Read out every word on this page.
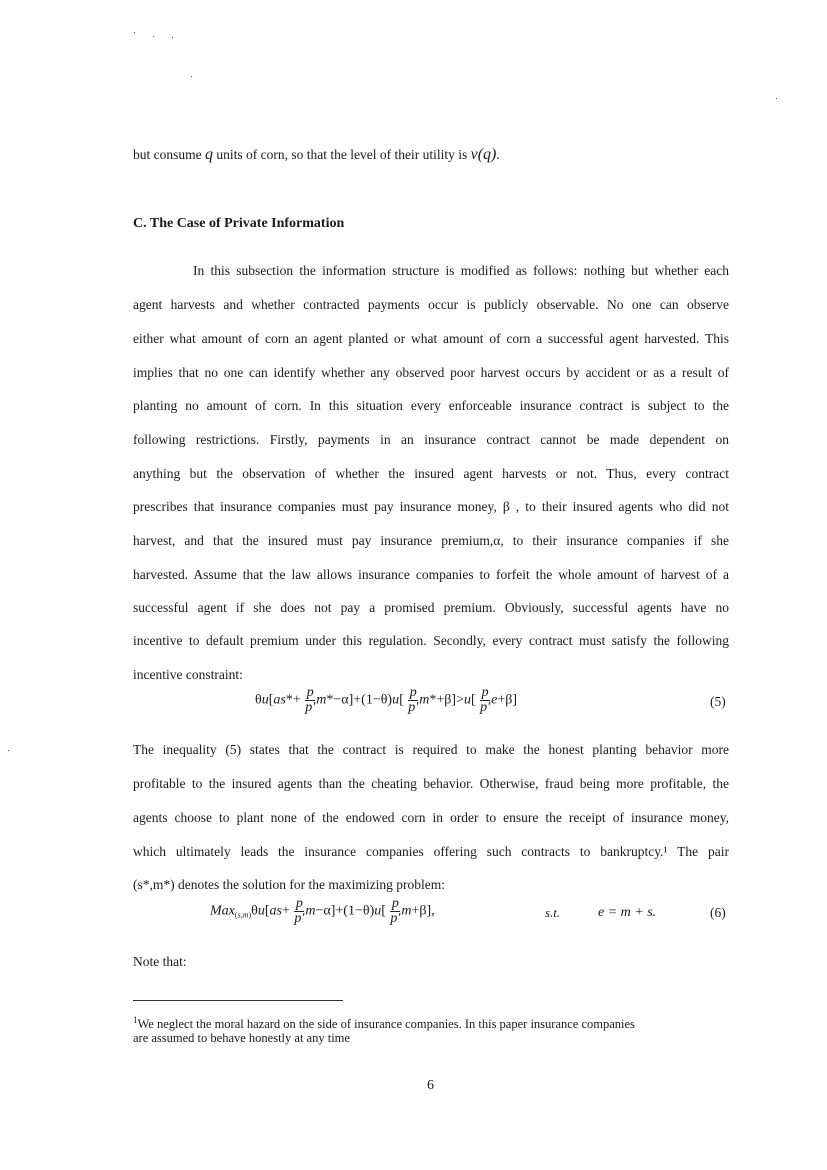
but consume q units of corn, so that the level of their utility is v(q).
C. The Case of Private Information
In this subsection the information structure is modified as follows: nothing but whether each
agent harvests and whether contracted payments occur is publicly observable. No one can observe
either what amount of corn an agent planted or what amount of corn a successful agent harvested. This
implies that no one can identify whether any observed poor harvest occurs by accident or as a result of
planting no amount of corn. In this situation every enforceable insurance contract is subject to the
following restrictions. Firstly, payments in an insurance contract cannot be made dependent on
anything but the observation of whether the insured agent harvests or not. Thus, every contract
prescribes that insurance companies must pay insurance money, β , to their insured agents who did not
harvest, and that the insured must pay insurance premium,α, to their insurance companies if she
harvested. Assume that the law allows insurance companies to forfeit the whole amount of harvest of a
successful agent if she does not pay a promised premium. Obviously, successful agents have no
incentive to default premium under this regulation. Secondly, every contract must satisfy the following
incentive constraint:
$\theta u[as*+ \frac{p}{p'} m*-\alpha]+(1-\theta)u[ \frac{p}{p'} m*+\beta]>u[ \frac{p}{p'} e+\beta]$	(5)
The inequality (5) states that the contract is required to make the honest planting behavior more
profitable to the insured agents than the cheating behavior. Otherwise, fraud being more profitable, the
agents choose to plant none of the endowed corn in order to ensure the receipt of insurance money,
which ultimately leads the insurance companies offering such contracts to bankruptcy.¹ The pair
(s*,m*) denotes the solution for the maximizing problem:
$Max_{(s,m)}\theta u[as+ \frac{p}{p'} m-\alpha]+(1-\theta)u[ \frac{p}{p'} m+\beta]$,	s.t.	e = m + s.	(6)
Note that:
$^1$We neglect the moral hazard on the side of insurance companies. In this paper insurance companies
are assumed to behave honestly at any time
6
